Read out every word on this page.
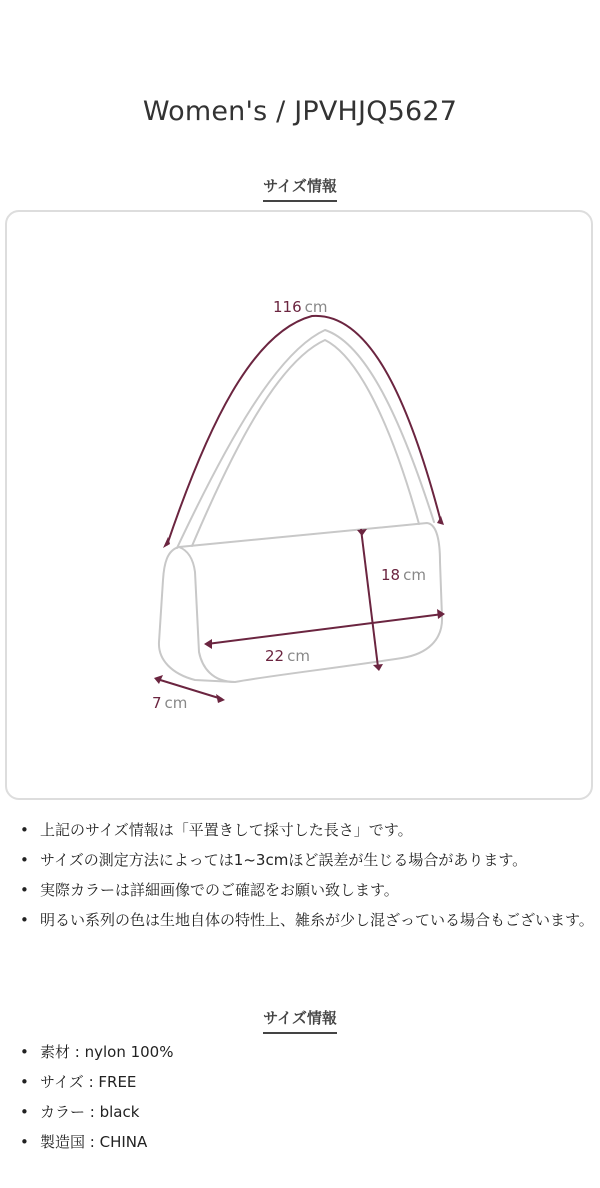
Women's / JPVHJQ5627
サイズ情報
116 cm
18 cm
22 cm
7 cm
• 上記のサイズ情報は「平置きして採寸した長さ」です。
• サイズの測定方法によっては1~3cmほど誤差が生じる場合があります。
• 実際カラーは詳細画像でのご確認をお願い致します。
• 明るい系列の色は生地自体の特性上、雑糸が少し混ざっている場合もございます。
サイズ情報
• 素材 : nylon 100%
• サイズ : FREE
• カラー : black
• 製造国 : CHINA
